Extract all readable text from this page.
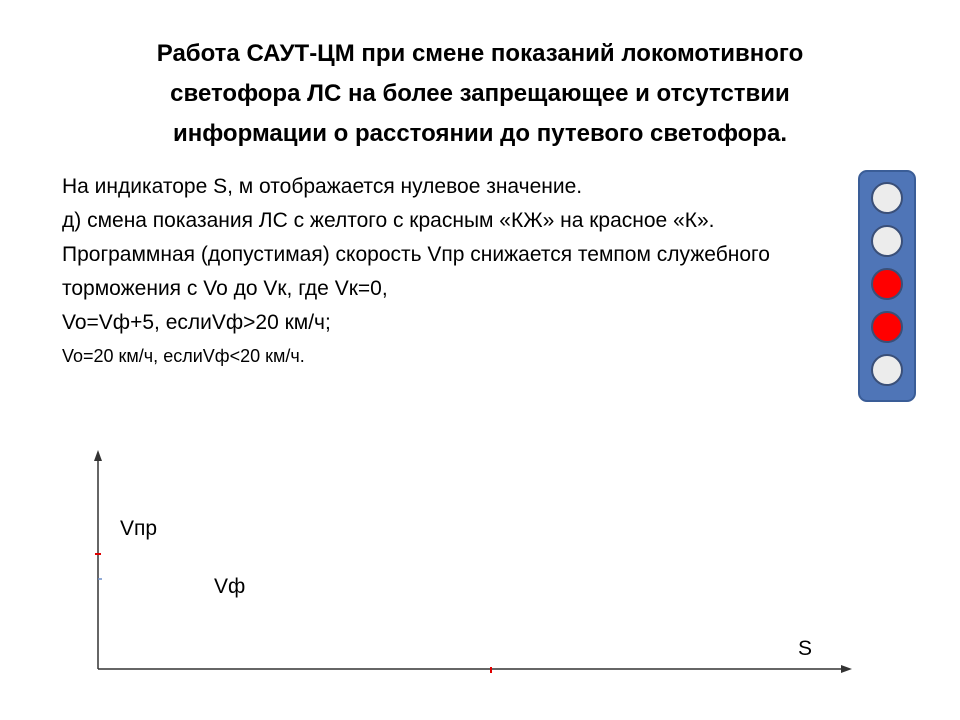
Работа САУТ-ЦМ при смене показаний локомотивного
светофора ЛС на более запрещающее и отсутствии
информации о расстоянии до путевого светофора.

На индикаторе S, м отображается нулевое значение.

д) смена показания ЛС с желтого с красным «КЖ» на красное «К».

Программная (допустимая) скорость Vпр снижается темпом служебного

торможения с Vo до Vк, где Vк=0,

Vo=Vф+5, еслиVф>20 км/ч;

Vo=20 км/ч, еслиVф<20 км/ч.

Vпр
Vф
S
